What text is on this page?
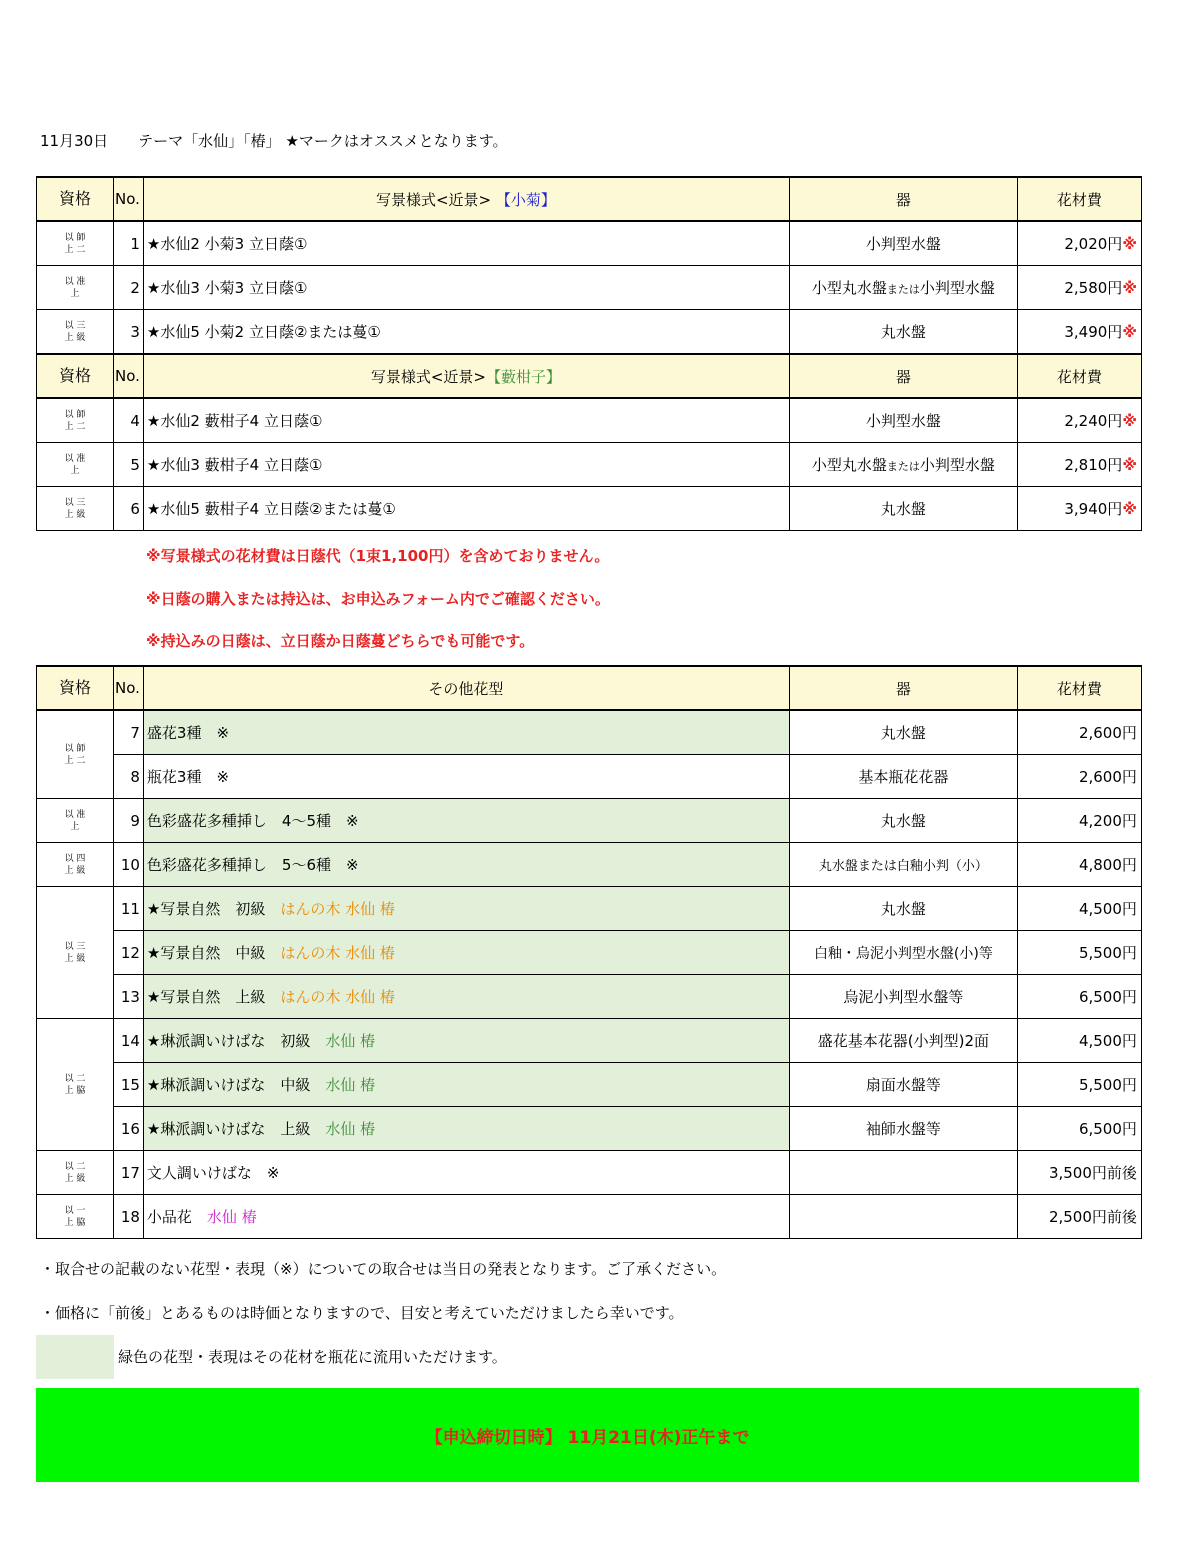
11月30日　　テーマ「水仙」「椿」 ★マークはオススメとなります。
資格	No.	写景様式<近景> 【小菊】	器	花材費

以 師
上 二	1	★水仙2 小菊3 立日蔭①	小判型水盤	2,020円※

以 准
上	2	★水仙3 小菊3 立日蔭①	小型丸水盤または小判型水盤	2,580円※

以 三
上 級	3	★水仙5 小菊2 立日蔭②または蔓①	丸水盤	3,490円※
資格	No.	写景様式<近景>【藪柑子】	器	花材費

以 師
上 二	4	★水仙2 藪柑子4 立日蔭①	小判型水盤	2,240円※

以 准
上	5	★水仙3 藪柑子4 立日蔭①	小型丸水盤または小判型水盤	2,810円※

以 三
上 級	6	★水仙5 藪柑子4 立日蔭②または蔓①	丸水盤	3,940円※
※写景様式の花材費は日蔭代（1束1,100円）を含めておりません。
※日蔭の購入または持込は、お申込みフォーム内でご確認ください。
※持込みの日蔭は、立日蔭か日蔭蔓どちらでも可能です。
資格	No.	その他花型	器	花材費

以 師
上 二	7	盛花3種　※	丸水盤	2,600円
	8	瓶花3種　※	基本瓶花花器	2,600円

以 准
上	9	色彩盛花多種挿し　4～5種　※	丸水盤	4,200円

以 四
上 級	10	色彩盛花多種挿し　5～6種　※	丸水盤または白釉小判（小）	4,800円

以 三
上 級	11	★写景自然　初級　はんの木 水仙 椿	丸水盤	4,500円
	12	★写景自然　中級　はんの木 水仙 椿	白釉・烏泥小判型水盤(小)等	5,500円
	13	★写景自然　上級　はんの木 水仙 椿	烏泥小判型水盤等	6,500円

以 二
上 脇	14	★琳派調いけばな　初級　水仙 椿	盛花基本花器(小判型)2面	4,500円
	15	★琳派調いけばな　中級　水仙 椿	扇面水盤等	5,500円
	16	★琳派調いけばな　上級　水仙 椿	袖師水盤等	6,500円

以 二
上 級	17	文人調いけばな　※		3,500円前後

以 一
上 脇	18	小品花　水仙 椿		2,500円前後
・取合せの記載のない花型・表現（※）についての取合せは当日の発表となります。ご了承ください。
・価格に「前後」とあるものは時価となりますので、目安と考えていただけましたら幸いです。
緑色の花型・表現はその花材を瓶花に流用いただけます。
【申込締切日時】 11月21日(木)正午まで
